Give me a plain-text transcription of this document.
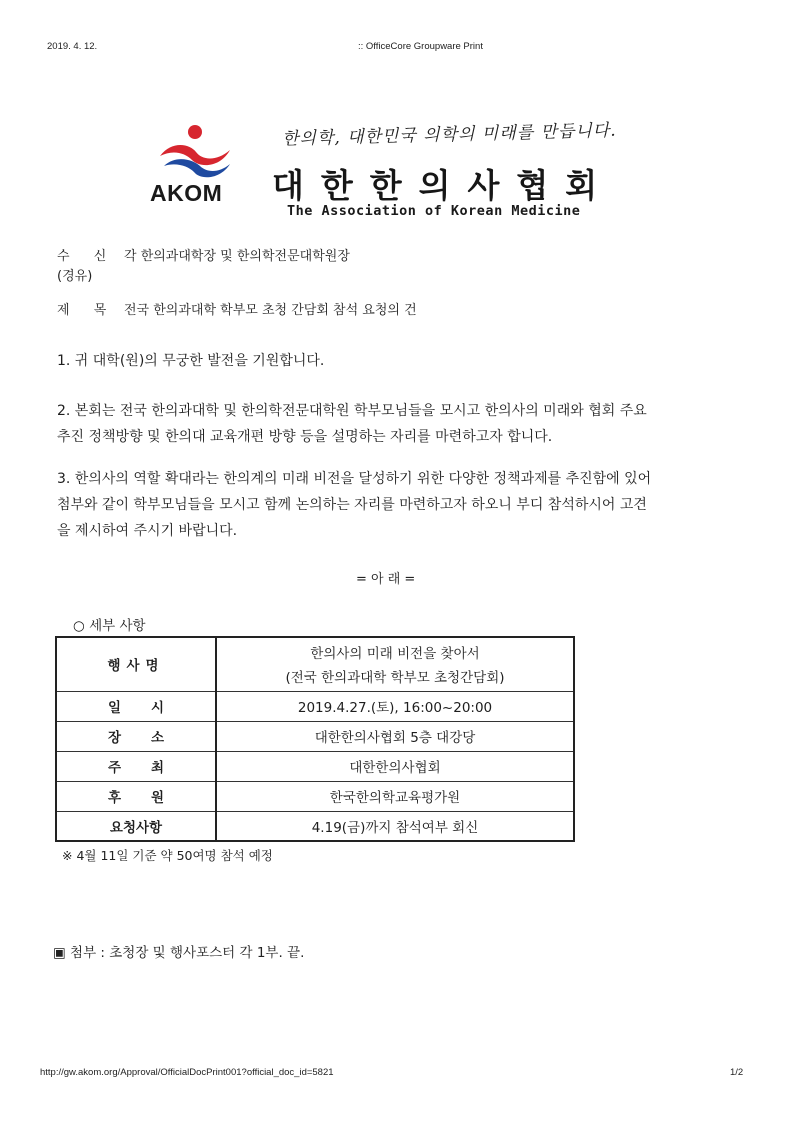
2019. 4. 12.	:: OfficeCore Groupware Print
AKOM
한의학, 대한민국 의학의 미래를 만듭니다.
대한한의사협회
The Association of Korean Medicine
수 신 각 한의과대학장 및 한의학전문대학원장
(경유)
제 목 전국 한의과대학 학부모 초청 간담회 참석 요청의 건
1. 귀 대학(원)의 무궁한 발전을 기원합니다.
2. 본회는 전국 한의과대학 및 한의학전문대학원 학부모님들을 모시고 한의사의 미래와 협회 주요
추진 정책방향 및 한의대 교육개편 방향 등을 설명하는 자리를 마련하고자 합니다.
3. 한의사의 역할 확대라는 한의계의 미래 비전을 달성하기 위한 다양한 정책과제를 추진함에 있어
첨부와 같이 학부모님들을 모시고 함께 논의하는 자리를 마련하고자 하오니 부디 참석하시어 고견
을 제시하여 주시기 바랍니다.
= 아 래 =
○ 세부 사항
행사명	한의사의 미래 비전을 찾아서
(전국 한의과대학 학부모 초청간담회)

일시	2019.4.27.(토), 16:00~20:00
장소	대한한의사협회 5층 대강당
주최	대한한의사협회
후원	한국한의학교육평가원
요청사항	4.19(금)까지 참석여부 회신
※ 4월 11일 기준 약 50여명 참석 예정
▣ 첨부 : 초청장 및 행사포스터 각 1부. 끝.
http://gw.akom.org/Approval/OfficialDocPrint001?official_doc_id=5821	1/2
